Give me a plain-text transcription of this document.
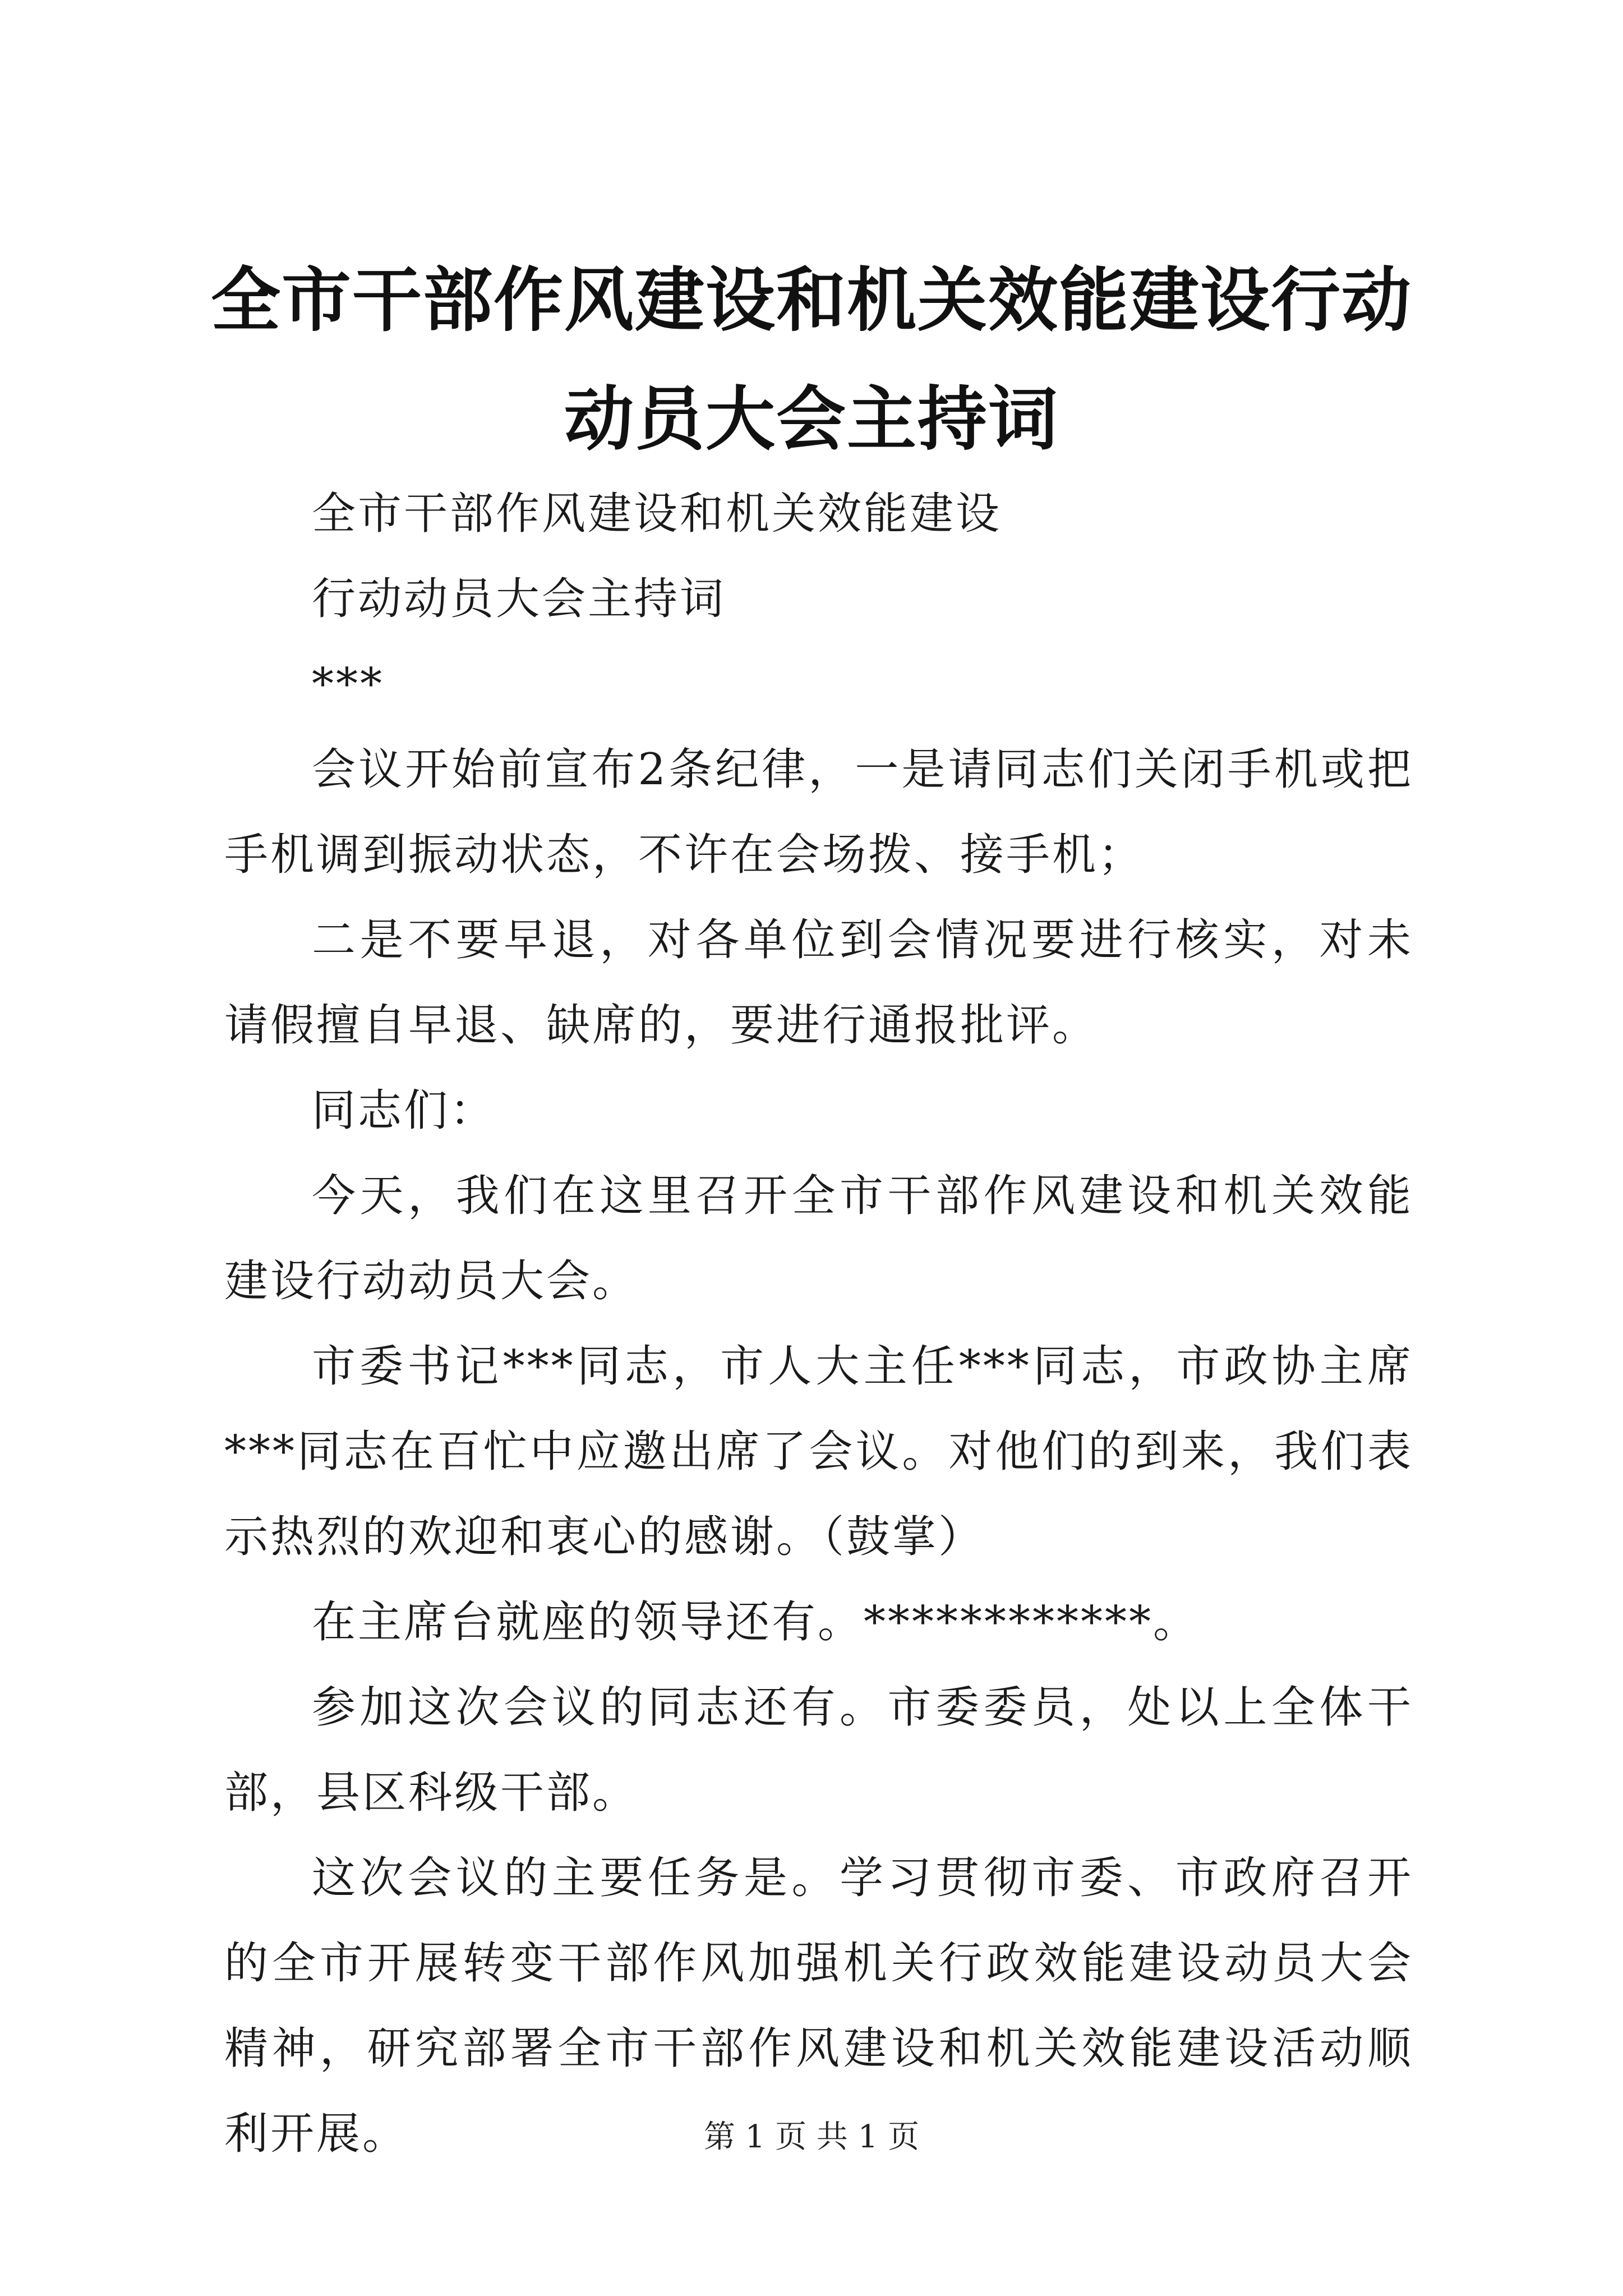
全市干部作风建设和机关效能建设行动动员大会主持词

全市干部作风建设和机关效能建设

行动动员大会主持词

***

会议开始前宣布2条纪律，一是请同志们关闭手机或把手机调到振动状态，不许在会场拨、接手机；

二是不要早退，对各单位到会情况要进行核实，对未请假擅自早退、缺席的，要进行通报批评。

同志们：

今天，我们在这里召开全市干部作风建设和机关效能建设行动动员大会。

市委书记***同志，市人大主任***同志，市政协主席***同志在百忙中应邀出席了会议。对他们的到来，我们表示热烈的欢迎和衷心的感谢。（鼓掌）

在主席台就座的领导还有。************。

参加这次会议的同志还有。市委委员，处以上全体干部，县区科级干部。

这次会议的主要任务是。学习贯彻市委、市政府召开的全市开展转变干部作风加强机关行政效能建设动员大会精神，研究部署全市干部作风建设和机关效能建设活动顺利开展。	第 1 页 共 1 页
